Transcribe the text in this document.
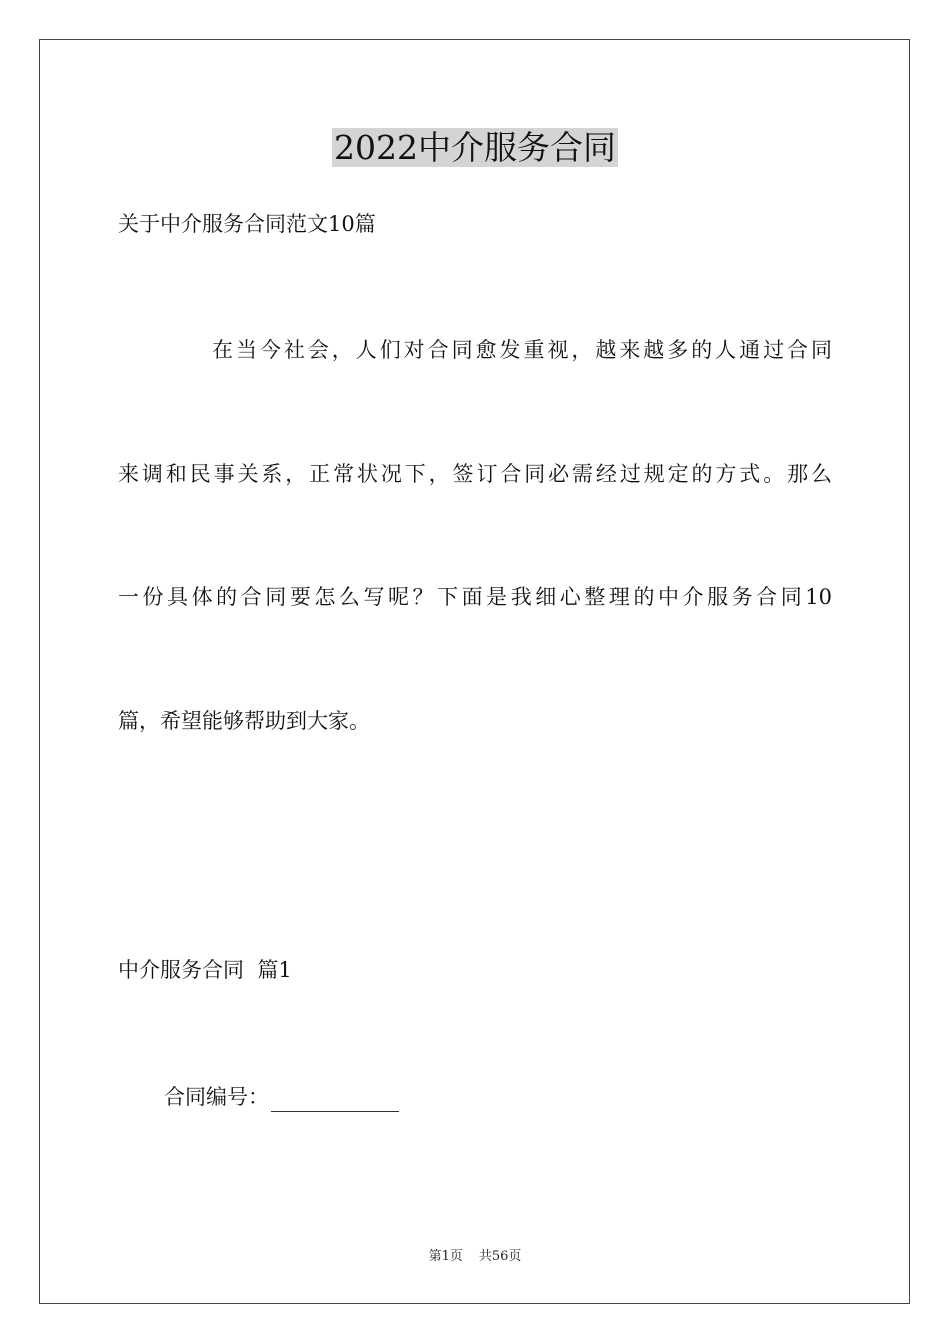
2022中介服务合同
关于中介服务合同范文10篇
在当今社会，人们对合同愈发重视，越来越多的人通过合同
来调和民事关系，正常状况下，签订合同必需经过规定的方式。那么
一份具体的合同要怎么写呢？下面是我细心整理的中介服务合同10
篇，希望能够帮助到大家。
中介服务合同  篇1
合同编号：
第1页 共56页
